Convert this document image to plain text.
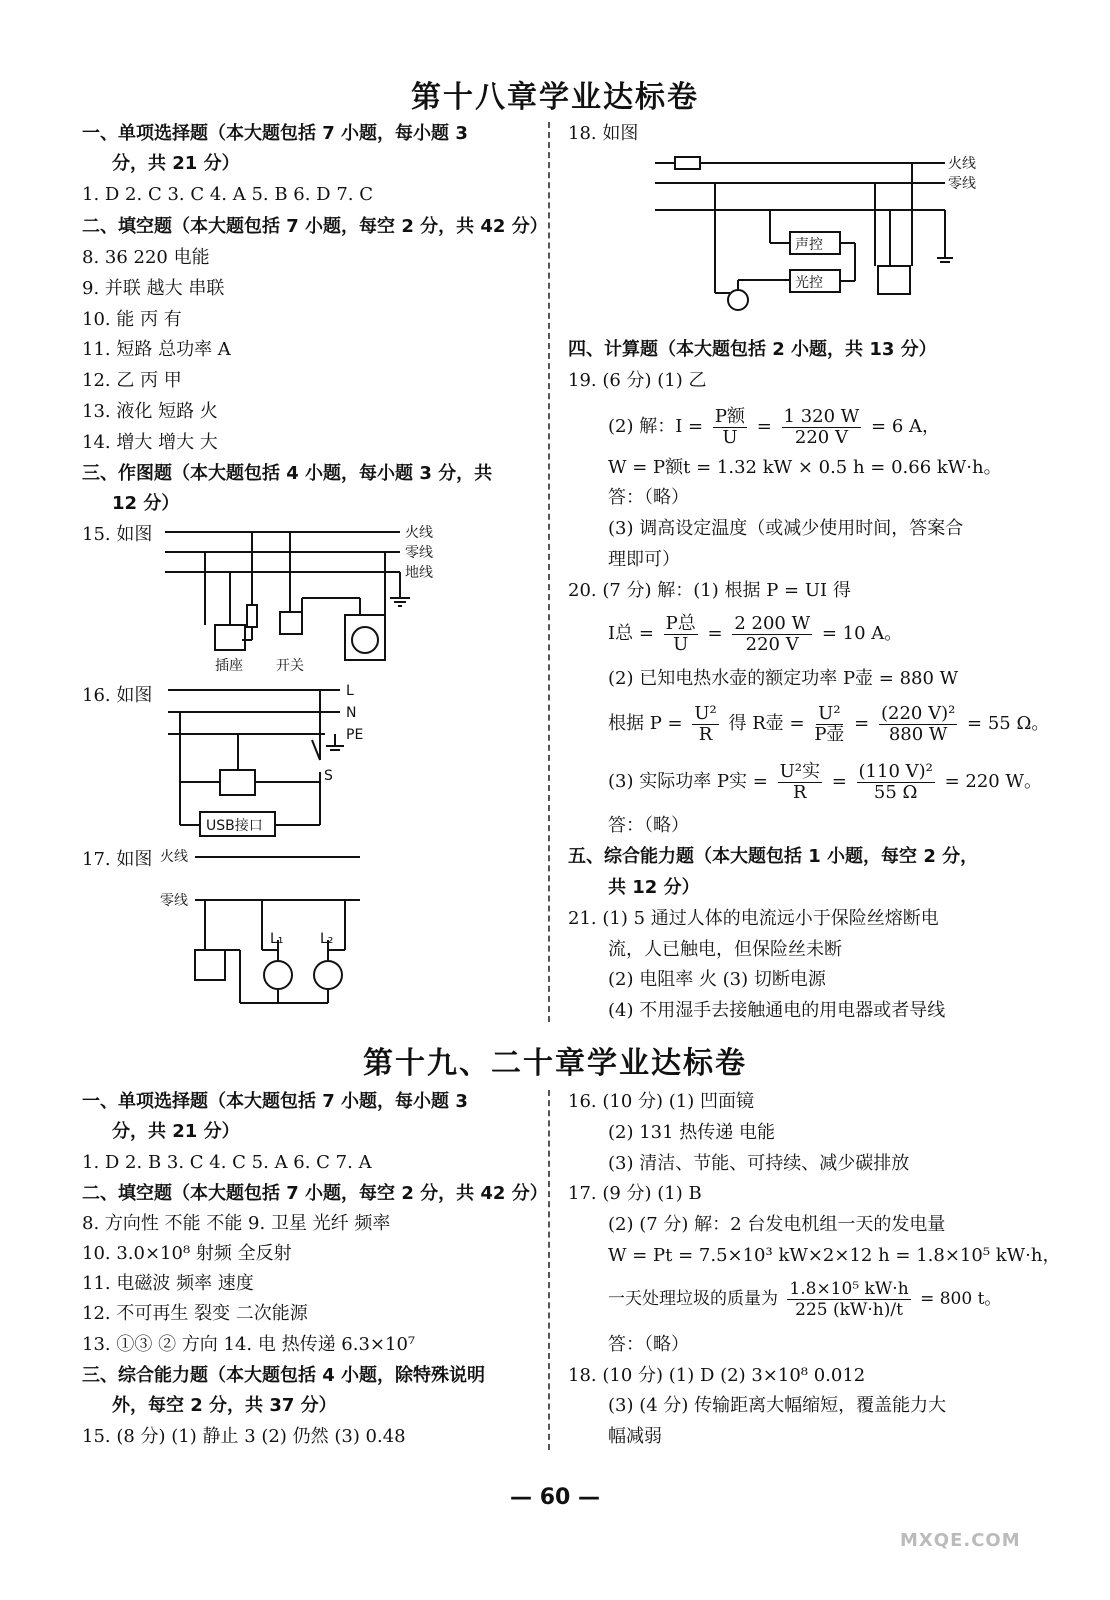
第十八章学业达标卷
一、单项选择题（本大题包括 7 小题，每小题 3
分，共 21 分）
1. D 2. C 3. C 4. A 5. B 6. D 7. C
二、填空题（本大题包括 7 小题，每空 2 分，共 42 分）
8. 36 220 电能
9. 并联 越大 串联
10. 能 丙 有
11. 短路 总功率 A
12. 乙 丙 甲
13. 液化 短路 火
14. 增大 增大 大
三、作图题（本大题包括 4 小题，每小题 3 分，共
12 分）
15. 如图	火线
零线
地线
插座 开关
16. 如图	L
N
PE
S
USB接口
17. 如图 火线
零线
L₁	L₂
18. 如图
火线
零线
声控
光控
四、计算题（本大题包括 2 小题，共 13 分）
19. (6 分) (1) 乙
(2) 解：$I = \frac{\text{P额}}{U} = \frac{1 320 W}{220 V} = 6$ A，
W = P额t = 1.32 kW × 0.5 h = 0.66 kW·h。
答：（略）
(3) 调高设定温度（或减少使用时间，答案合
理即可）
20. (7 分) 解：(1) 根据 P = UI 得
I总 = $\frac{\text{P总}}{U} = \frac{2 200 W}{220 V} = 10$ A。
(2) 已知电热水壶的额定功率 P壶 = 880 W
根据 $P = \frac{\text{U²}}{R}$ 得 R壶 = $\frac{\text{U²}}{\text{P壶}} = \frac{\text{(220 V)²}}{880 W} = 55$ Ω。
(3) 实际功率 P实 = $\frac{\text{U²实}}{R} = \frac{\text{(110 V)²}}{55 \Omega} = 220$ W。
答：（略）
五、综合能力题（本大题包括 1 小题，每空 2 分，
共 12 分）
21. (1) 5 通过人体的电流远小于保险丝熔断电
流，人已触电，但保险丝未断
(2) 电阻率 火 (3) 切断电源
(4) 不用湿手去接触通电的用电器或者导线
第十九、二十章学业达标卷
一、单项选择题（本大题包括 7 小题，每小题 3
分，共 21 分）
1. D 2. B 3. C 4. C 5. A 6. C 7. A
二、填空题（本大题包括 7 小题，每空 2 分，共 42 分）
8. 方向性 不能 不能 9. 卫星 光纤 频率
10. 3.0×10⁸ 射频 全反射
11. 电磁波 频率 速度
12. 不可再生 裂变 二次能源
13. ①③ ② 方向 14. 电 热传递 6.3×10⁷
三、综合能力题（本大题包括 4 小题，除特殊说明
外，每空 2 分，共 37 分）
15. (8 分) (1) 静止 3 (2) 仍然 (3) 0.48
16. (10 分) (1) 凹面镜
(2) 131 热传递 电能
(3) 清洁、节能、可持续、减少碳排放
17. (9 分) (1) B
(2) (7 分) 解：2 台发电机组一天的发电量
W = Pt = 7.5×10³ kW×2×12 h = 1.8×10⁵ kW·h，
一天处理垃圾的质量为 $\frac{\text{1.8×10⁵ kW·h}}{225 (kW\cdot h)/t} = 800$ t。
答：（略）
18. (10 分) (1) D (2) 3×10⁸ 0.012
(3) (4 分) 传输距离大幅缩短，覆盖能力大
幅减弱
— 60 —
MXQE.COM
